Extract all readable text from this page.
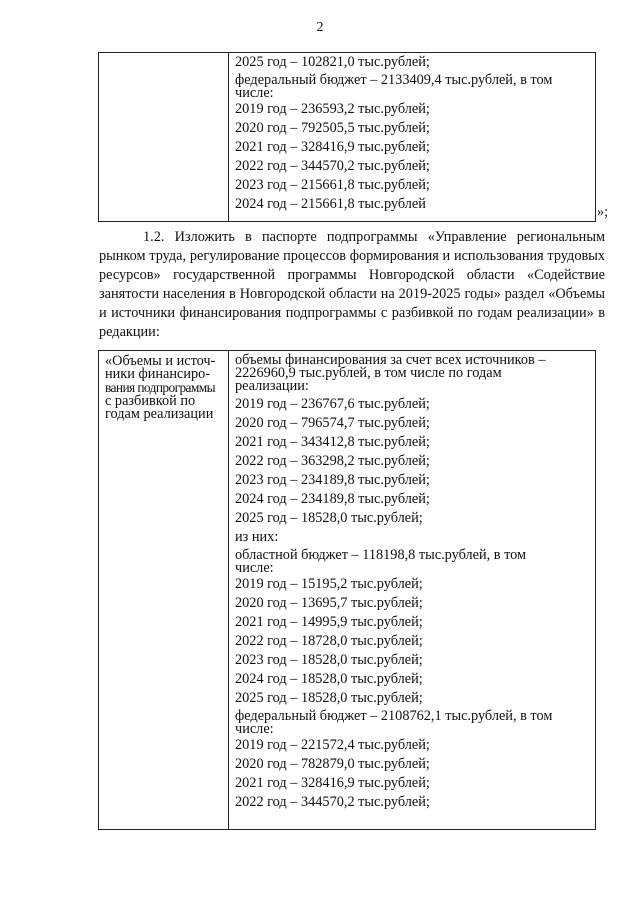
2

2025 год – 102821,0 тыс.рублей;
федеральный бюджет – 2133409,4 тыс.рублей, в том
числе:
2019 год – 236593,2 тыс.рублей;
2020 год – 792505,5 тыс.рублей;
2021 год – 328416,9 тыс.рублей;
2022 год – 344570,2 тыс.рублей;
2023 год – 215661,8 тыс.рублей;
2024 год – 215661,8 тыс.рублей	»;
1.2. Изложить в паспорте подпрограммы «Управление региональным рынком труда, регулирование процессов формирования и использования трудовых ресурсов» государственной программы Новгородской области «Содействие занятости населения в Новгородской области на 2019-2025 годы» раздел «Объемы и источники финансирования подпрограммы с разбивкой по годам реализации» в редакции:
«Объемы и источ-
ники финансиро-
вания подпрограммы
с разбивкой по
годам реализации

объемы финансирования за счет всех источников –
2226960,9 тыс.рублей, в том числе по годам
реализации:
2019 год – 236767,6 тыс.рублей;
2020 год – 796574,7 тыс.рублей;
2021 год – 343412,8 тыс.рублей;
2022 год – 363298,2 тыс.рублей;
2023 год – 234189,8 тыс.рублей;
2024 год – 234189,8 тыс.рублей;
2025 год – 18528,0 тыс.рублей;
из них:
областной бюджет – 118198,8 тыс.рублей, в том
числе:
2019 год – 15195,2 тыс.рублей;
2020 год – 13695,7 тыс.рублей;
2021 год – 14995,9 тыс.рублей;
2022 год – 18728,0 тыс.рублей;
2023 год – 18528,0 тыс.рублей;
2024 год – 18528,0 тыс.рублей;
2025 год – 18528,0 тыс.рублей;
федеральный бюджет – 2108762,1 тыс.рублей, в том
числе:
2019 год – 221572,4 тыс.рублей;
2020 год – 782879,0 тыс.рублей;
2021 год – 328416,9 тыс.рублей;
2022 год – 344570,2 тыс.рублей;
